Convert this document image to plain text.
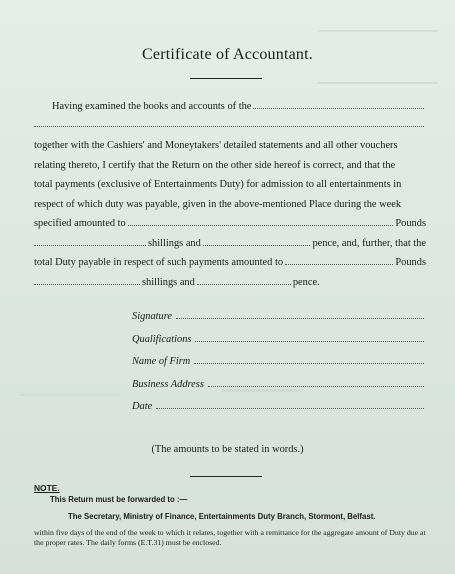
Certificate of Accountant.
Having examined the books and accounts of the
together with the Cashiers' and Moneytakers' detailed statements and all other vouchers
relating thereto, I certify that the Return on the other side hereof is correct, and that the
total payments (exclusive of Entertainments Duty) for admission to all entertainments in
respect of which duty was payable, given in the above-mentioned Place during the week
specified amounted to	Pounds
shillings and	pence, and, further, that the
total Duty payable in respect of such payments amounted to	Pounds
shillings and	pence.
Signature
Qualifications
Name of Firm
Business Address
Date
(The amounts to be stated in words.)
NOTE.
This Return must be forwarded to :—
The Secretary, Ministry of Finance, Entertainments Duty Branch, Stormont, Belfast.
within five days of the end of the week to which it relates, together with a remittance for the aggregate amount of Duty due at the proper rates. The daily forms (E.T.31) must be enclosed.
